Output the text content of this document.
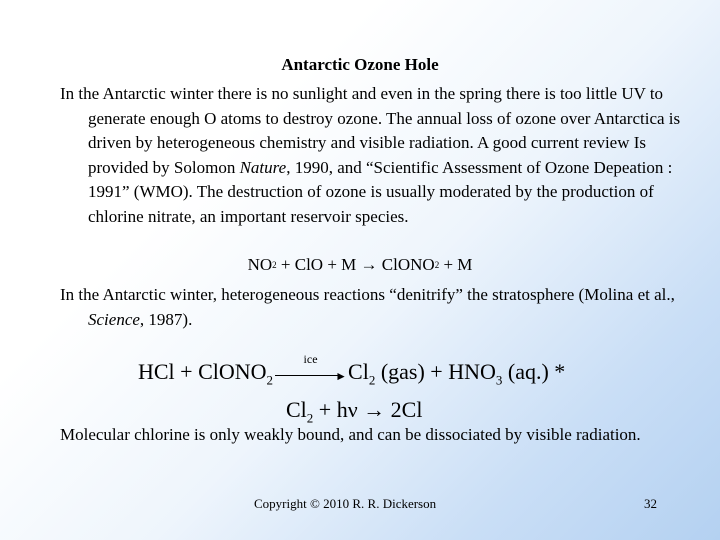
Antarctic Ozone Hole
In the Antarctic winter there is no sunlight and even in the spring there is too little UV to generate enough O atoms to destroy ozone. The annual loss of ozone over Antarctica is driven by heterogeneous chemistry and visible radiation. A good current review Is provided by Solomon Nature, 1990, and “Scientific Assessment of Ozone Depeation : 1991” (WMO). The destruction of ozone is usually moderated by the production of chlorine nitrate, an important reservoir species.
NO2 + ClO + M → ClONO2 + M
In the Antarctic winter, heterogeneous reactions “denitrify” the stratosphere (Molina et al., Science, 1987).
HCl + ClONO$_2$
ice
► $Cl_2$ $(gas) + HNO_3$ (aq.) *
$Cl_2 + h\nu \to 2Cl$
Molecular chlorine is only weakly bound, and can be dissociated by visible radiation.
Copyright © 2010 R. R. Dickerson	32
